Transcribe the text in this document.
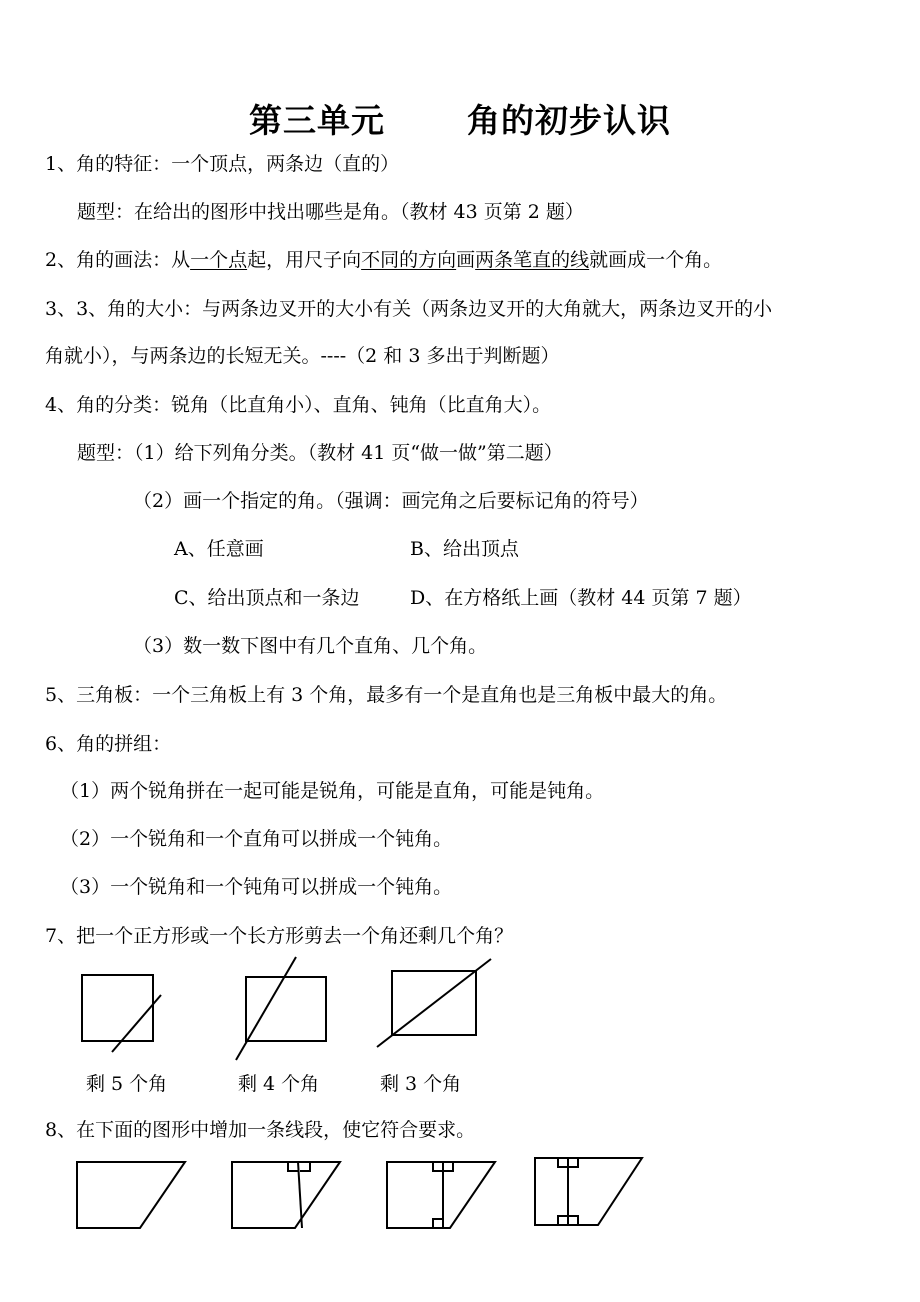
第三单元 角的初步认识
1、角的特征：一个顶点，两条边（直的）
题型：在给出的图形中找出哪些是角。（教材 43 页第 2 题）
2、角的画法：从一个点起，用尺子向不同的方向画两条笔直的线就画成一个角。
3、3、角的大小：与两条边叉开的大小有关（两条边叉开的大角就大，两条边叉开的小
角就小），与两条边的长短无关。----（2 和 3 多出于判断题）
4、角的分类：锐角（比直角小）、直角、钝角（比直角大）。
题型：（1）给下列角分类。（教材 41 页“做一做”第二题）
（2）画一个指定的角。（强调：画完角之后要标记角的符号）
A、任意画	B、给出顶点
C、给出顶点和一条边	D、在方格纸上画（教材 44 页第 7 题）
（3）数一数下图中有几个直角、几个角。
5、三角板：一个三角板上有 3 个角，最多有一个是直角也是三角板中最大的角。
6、角的拼组：
（1）两个锐角拼在一起可能是锐角，可能是直角，可能是钝角。
（2）一个锐角和一个直角可以拼成一个钝角。
（3）一个锐角和一个钝角可以拼成一个钝角。
7、把一个正方形或一个长方形剪去一个角还剩几个角？
剩 5 个角	剩 4 个角	剩 3 个角
8、在下面的图形中增加一条线段，使它符合要求。
